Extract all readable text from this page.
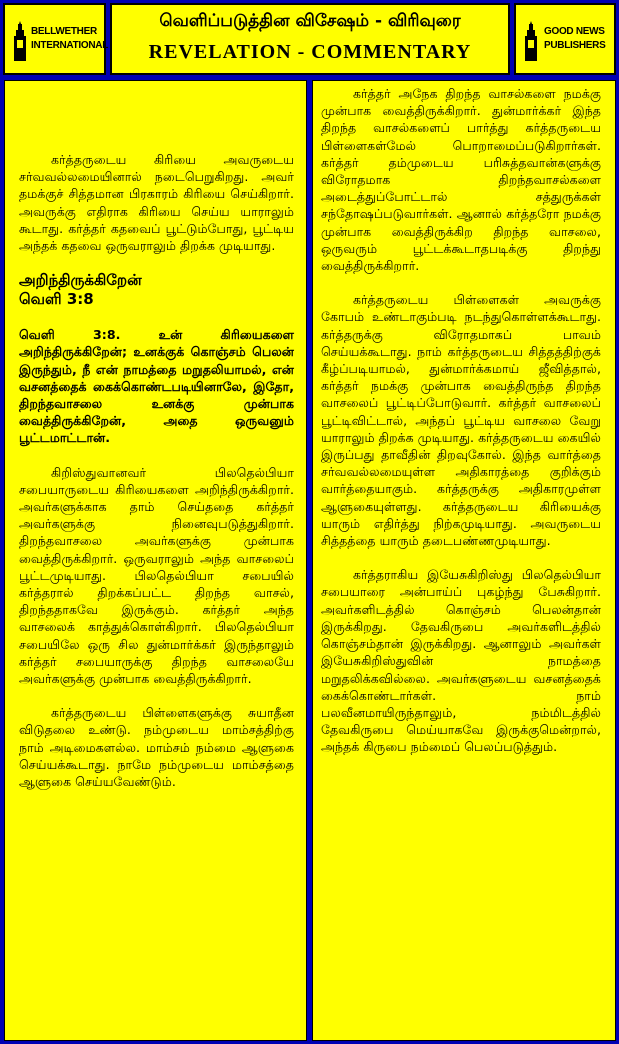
BELLWETHER
INTERNATIONAL
வெளிப்படுத்தின விசேஷம் - விரிவுரை
REVELATION - COMMENTARY
GOOD NEWS
PUBLISHERS

கர்த்தருடைய கிரியை அவருடைய சர்வவல்லமையினால் நடைபெறுகிறது. அவர் தமக்குச் சித்தமான பிரகாரம் கிரியை செய்கிறார். அவருக்கு எதிராக கிரியை செய்ய யாராலும் கூடாது. கர்த்தர் கதவைப் பூட்டும்போது, பூட்டிய அந்தக் கதவை ஒருவராலும் திறக்க முடியாது.

அறிந்திருக்கிறேன்
வெளி 3:8

வெளி 3:8. உன் கிரியைகளை அறிந்திருக்கிறேன்; உனக்குக் கொஞ்சம் பெலன் இருந்தும், நீ என் நாமத்தை மறுதலியாமல், என் வசனத்தைக் கைக்கொண்டபடியினாலே, இதோ, திறந்தவாசலை உனக்கு முன்பாக வைத்திருக்கிறேன், அதை ஒருவனும் பூட்டமாட்டான்.

கிறிஸ்துவானவர் பிலதெல்பியா சபையாருடைய கிரியைகளை அறிந்திருக்கிறார். அவர்களுக்காக தாம் செய்ததை கர்த்தர் அவர்களுக்கு நினைவுபடுத்துகிறார். திறந்தவாசலை அவர்களுக்கு முன்பாக வைத்திருக்கிறார். ஒருவராலும் அந்த வாசலைப் பூட்டமுடியாது. பிலதெல்பியா சபையில் கர்த்தரால் திறக்கப்பட்ட திறந்த வாசல், திறந்ததாகவே இருக்கும். கர்த்தர் அந்த வாசலைக் காத்துக்கொள்கிறார். பிலதெல்பியா சபையிலே ஒரு சில துன்மார்க்கர் இருந்தாலும் கர்த்தர் சபையாருக்கு திறந்த வாசலையே அவர்களுக்கு முன்பாக வைத்திருக்கிறார்.

கர்த்தருடைய பிள்ளைகளுக்கு சுயாதீன விடுதலை உண்டு. நம்முடைய மாம்சத்திற்கு நாம் அடிமைகளல்ல. மாம்சம் நம்மை ஆளுகை செய்யக்கூடாது. நாமே நம்முடைய மாம்சத்தை ஆளுகை செய்யவேண்டும்.

கர்த்தர் அநேக திறந்த வாசல்களை நமக்கு முன்பாக வைத்திருக்கிறார். துன்மார்க்கர் இந்த திறந்த வாசல்களைப் பார்த்து கர்த்தருடைய பிள்ளைகள்மேல் பொறாமைப்படுகிறார்கள். கர்த்தர் தம்முடைய பரிசுத்தவான்களுக்கு விரோதமாக திறந்தவாசல்களை அடைத்துப்போட்டால் சத்துருக்கள் சந்தோஷப்படுவார்கள். ஆனால் கர்த்தரோ நமக்கு முன்பாக வைத்திருக்கிற திறந்த வாசலை, ஒருவரும் பூட்டக்கூடாதபடிக்கு திறந்து வைத்திருக்கிறார்.

கர்த்தருடைய பிள்ளைகள் அவருக்கு கோபம் உண்டாகும்படி நடந்துகொள்ளக்கூடாது. கர்த்தருக்கு விரோதமாகப் பாவம் செய்யக்கூடாது. நாம் கர்த்தருடைய சித்தத்திற்குக் கீழ்ப்படியாமல், துன்மார்க்கமாய் ஜீவித்தால், கர்த்தர் நமக்கு முன்பாக வைத்திருந்த திறந்த வாசலைப் பூட்டிப்போடுவார். கர்த்தர் வாசலைப் பூட்டிவிட்டால், அந்தப் பூட்டிய வாசலை வேறு யாராலும் திறக்க முடியாது. கர்த்தருடைய கையில் இருப்பது தாவீதின் திறவுகோல். இந்த வார்த்தை சர்வவல்லமையுள்ள அதிகாரத்தை குறிக்கும் வார்த்தையாகும். கர்த்தருக்கு அதிகாரமுள்ள ஆளுகையுள்ளது. கர்த்தருடைய கிரியைக்கு யாரும் எதிர்த்து நிற்கமுடியாது. அவருடைய சித்தத்தை யாரும் தடைபண்ணமுடியாது.

கர்த்தராகிய இயேசுகிறிஸ்து பிலதெல்பியா சபையாரை அன்பாய்ப் புகழ்ந்து பேசுகிறார். அவர்களிடத்தில் கொஞ்சம் பெலன்தான் இருக்கிறது. தேவகிருபை அவர்களிடத்தில் கொஞ்சம்தான் இருக்கிறது. ஆனாலும் அவர்கள் இயேசுகிறிஸ்துவின் நாமத்தை மறுதலிக்கவில்லை. அவர்களுடைய வசனத்தைக் கைக்கொண்டார்கள். நாம் பலவீனமாயிருந்தாலும், நம்மிடத்தில் தேவகிருபை மெய்யாகவே இருக்குமென்றால், அந்தக் கிருபை நம்மைப் பெலப்படுத்தும்.
